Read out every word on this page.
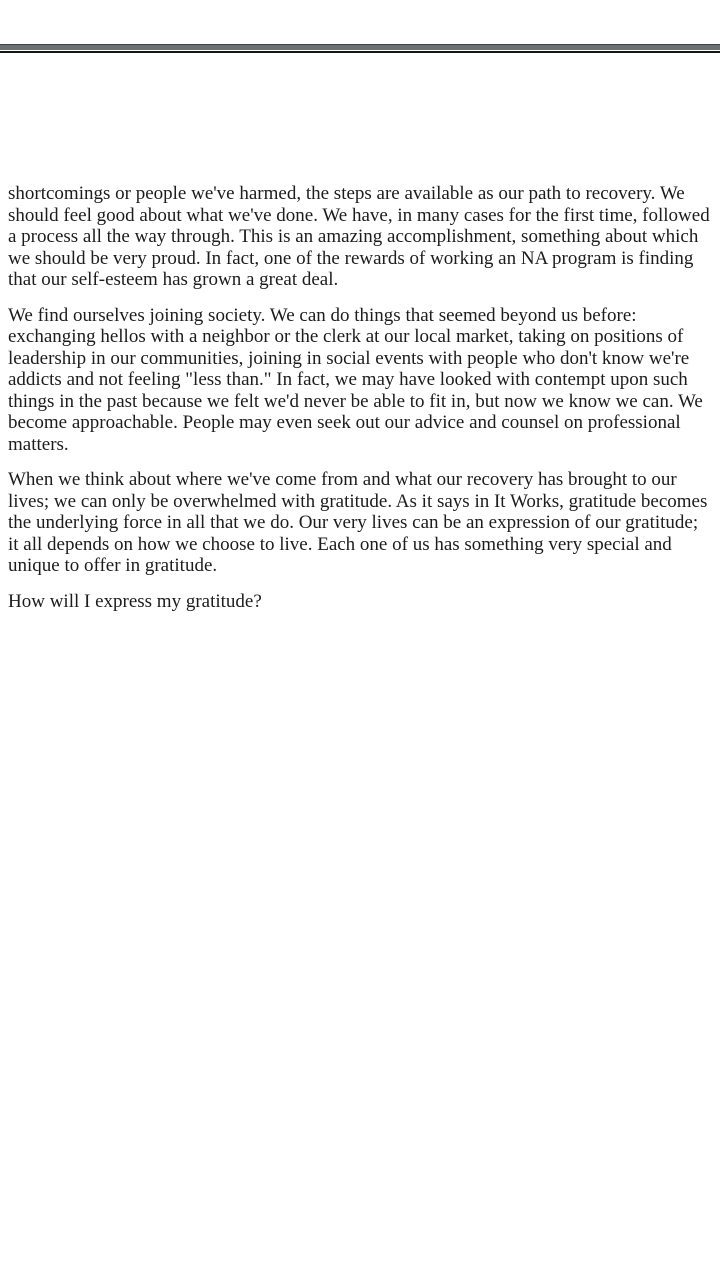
shortcomings or people we've harmed, the steps are available as our path to recovery. We should feel good about what we've done. We have, in many cases for the first time, followed a process all the way through. This is an amazing accomplishment, something about which we should be very proud. In fact, one of the rewards of working an NA program is finding that our self-esteem has grown a great deal.

We find ourselves joining society. We can do things that seemed beyond us before: exchanging hellos with a neighbor or the clerk at our local market, taking on positions of leadership in our communities, joining in social events with people who don't know we're addicts and not feeling "less than." In fact, we may have looked with contempt upon such things in the past because we felt we'd never be able to fit in, but now we know we can. We become approachable. People may even seek out our advice and counsel on professional matters.

When we think about where we've come from and what our recovery has brought to our lives; we can only be overwhelmed with gratitude. As it says in It Works, gratitude becomes the underlying force in all that we do. Our very lives can be an expression of our gratitude; it all depends on how we choose to live. Each one of us has something very special and unique to offer in gratitude.

How will I express my gratitude?
